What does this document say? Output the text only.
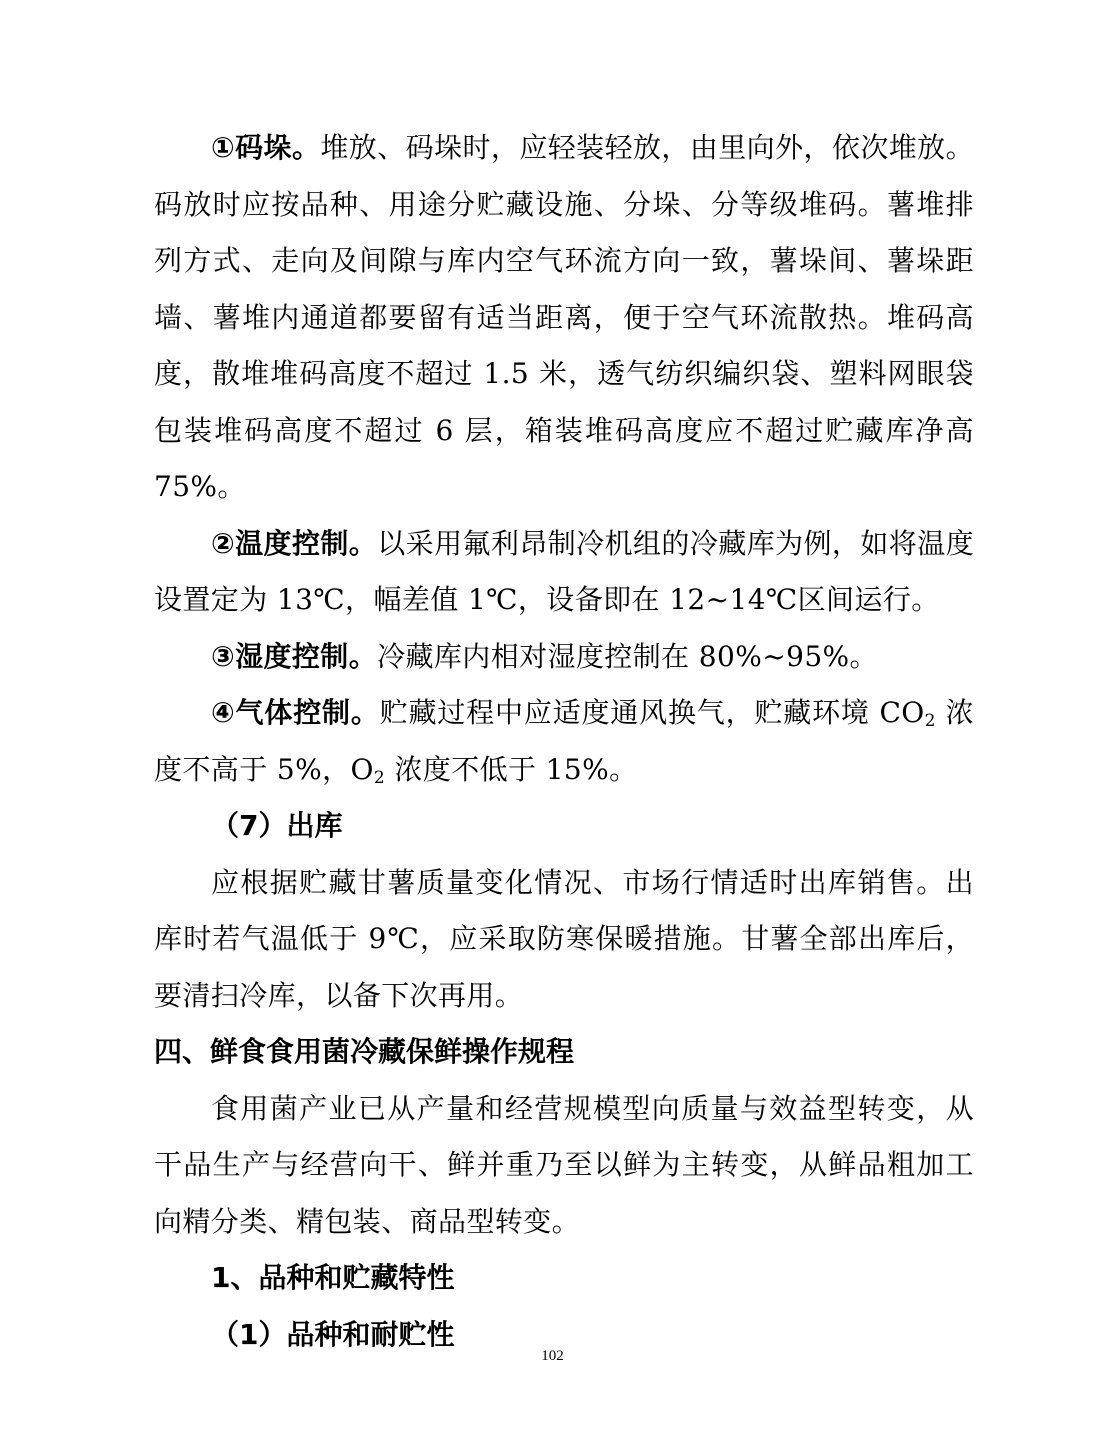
①码垛。堆放、码垛时，应轻装轻放，由里向外，依次堆放。码放时应按品种、用途分贮藏设施、分垛、分等级堆码。薯堆排列方式、走向及间隙与库内空气环流方向一致，薯垛间、薯垛距墙、薯堆内通道都要留有适当距离，便于空气环流散热。堆码高度，散堆堆码高度不超过 1.5 米，透气纺织编织袋、塑料网眼袋包装堆码高度不超过 6 层，箱装堆码高度应不超过贮藏库净高 75%。

②温度控制。以采用氟利昂制冷机组的冷藏库为例，如将温度设置定为 13℃，幅差值 1℃，设备即在 12~14℃区间运行。

③湿度控制。冷藏库内相对湿度控制在 80%~95%。

④气体控制。贮藏过程中应适度通风换气，贮藏环境 $CO_2$ 浓度不高于 5%，$O_2$ 浓度不低于 15%。

（7）出库

应根据贮藏甘薯质量变化情况、市场行情适时出库销售。出库时若气温低于 9℃，应采取防寒保暖措施。甘薯全部出库后，要清扫冷库，以备下次再用。

四、鲜食食用菌冷藏保鲜操作规程

食用菌产业已从产量和经营规模型向质量与效益型转变，从干品生产与经营向干、鲜并重乃至以鲜为主转变，从鲜品粗加工向精分类、精包装、商品型转变。

1、品种和贮藏特性

（1）品种和耐贮性

102
